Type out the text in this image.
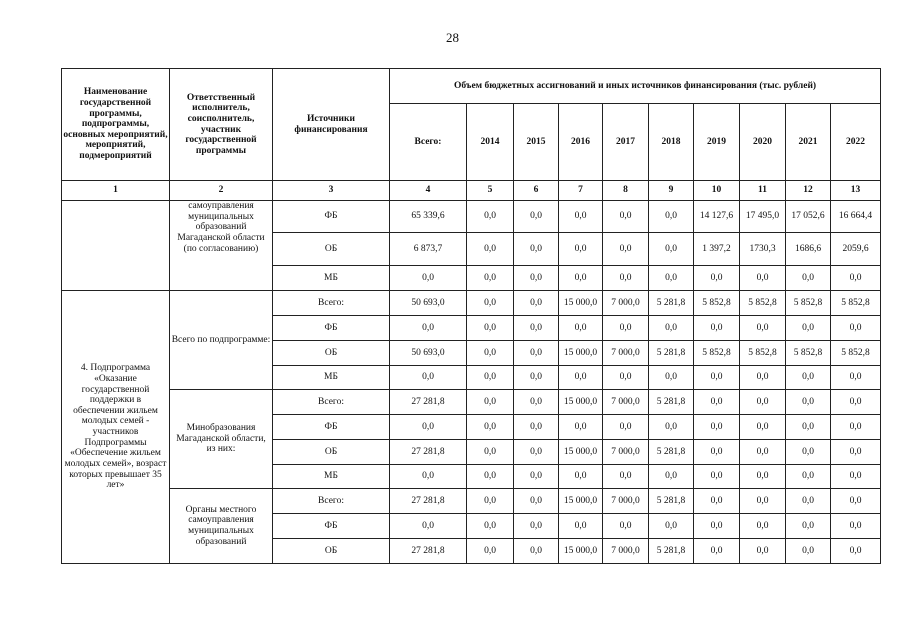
28
Наименование государственной программы, подпрограммы, основных мероприятий, мероприятий, подмероприятий	Ответственный исполнитель, соисполнитель, участник государственной программы	Источники финансирования	Объем бюджетных ассигнований и иных источников финансирования (тыс. рублей)									
			Всего:	2014	2015	2016	2017	2018	2019	2020	2021	2022
1	2	3	4	5	6	7	8	9	10	11	12	13
	самоуправления муниципальных образований Магаданской области (по согласованию)	ФБ	65 339,6	0,0	0,0	0,0	0,0	0,0	14 127,6	17 495,0	17 052,6	16 664,4
		ОБ	6 873,7	0,0	0,0	0,0	0,0	0,0	1 397,2	1730,3	1686,6	2059,6
		МБ	0,0	0,0	0,0	0,0	0,0	0,0	0,0	0,0	0,0	0,0
4. Подпрограмма «Оказание государственной поддержки в обеспечении жильем молодых семей - участников Подпрограммы «Обеспечение жильем молодых семей», возраст которых превышает 35 лет»	Всего по подпрограмме:	Всего:	50 693,0	0,0	0,0	15 000,0	7 000,0	5 281,8	5 852,8	5 852,8	5 852,8	5 852,8
		ФБ	0,0	0,0	0,0	0,0	0,0	0,0	0,0	0,0	0,0	0,0
		ОБ	50 693,0	0,0	0,0	15 000,0	7 000,0	5 281,8	5 852,8	5 852,8	5 852,8	5 852,8
		МБ	0,0	0,0	0,0	0,0	0,0	0,0	0,0	0,0	0,0	0,0
	Минобразования Магаданской области, из них:	Всего:	27 281,8	0,0	0,0	15 000,0	7 000,0	5 281,8	0,0	0,0	0,0	0,0
		ФБ	0,0	0,0	0,0	0,0	0,0	0,0	0,0	0,0	0,0	0,0
		ОБ	27 281,8	0,0	0,0	15 000,0	7 000,0	5 281,8	0,0	0,0	0,0	0,0
		МБ	0,0	0,0	0,0	0,0	0,0	0,0	0,0	0,0	0,0	0,0
	Органы местного самоуправления муниципальных образований	Всего:	27 281,8	0,0	0,0	15 000,0	7 000,0	5 281,8	0,0	0,0	0,0	0,0
		ФБ	0,0	0,0	0,0	0,0	0,0	0,0	0,0	0,0	0,0	0,0
		ОБ	27 281,8	0,0	0,0	15 000,0	7 000,0	5 281,8	0,0	0,0	0,0	0,0
